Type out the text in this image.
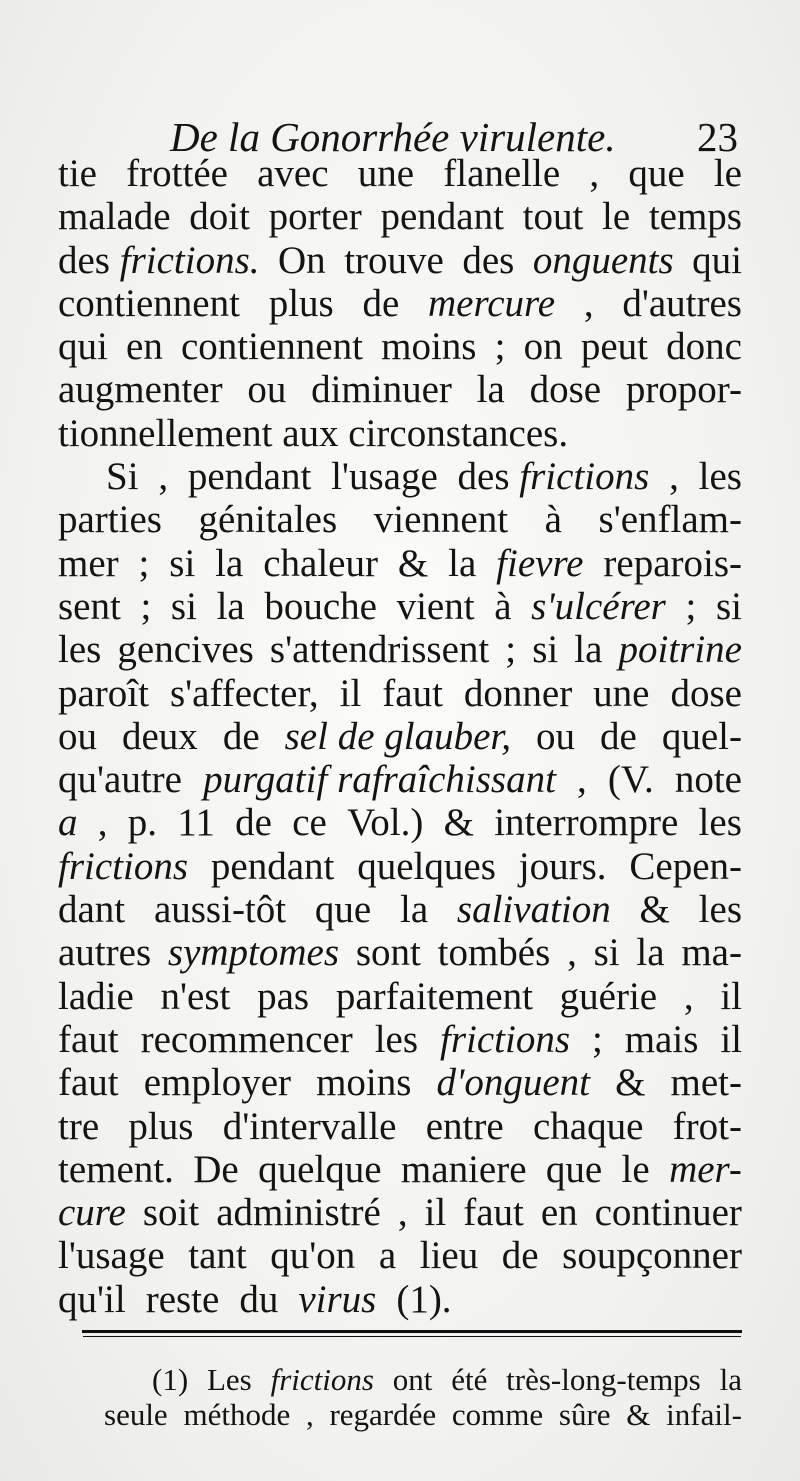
De la Gonorrhée virulente. 23
tie frottée avec une flanelle , que le
malade doit porter pendant tout le temps
des frictions. On trouve des onguents qui
contiennent plus de mercure , d'autres
qui en contiennent moins ; on peut donc
augmenter ou diminuer la dose propor-
tionnellement aux circonstances.
Si , pendant l'usage des frictions , les
parties génitales viennent à s'enflam-
mer ; si la chaleur & la fievre reparois-
sent ; si la bouche vient à s'ulcérer ; si
les gencives s'attendrissent ; si la poitrine
paroît s'affecter, il faut donner une dose
ou deux de sel de glauber, ou de quel-
qu'autre purgatif rafraîchissant , (V. note
a , p. 11 de ce Vol.) & interrompre les
frictions pendant quelques jours. Cepen-
dant aussi-tôt que la salivation & les
autres symptomes sont tombés , si la ma-
ladie n'est pas parfaitement guérie , il
faut recommencer les frictions ; mais il
faut employer moins d'onguent & met-
tre plus d'intervalle entre chaque frot-
tement. De quelque maniere que le mer-
cure soit administré , il faut en continuer
l'usage tant qu'on a lieu de soupçonner
qu'il reste du virus (1).
(1) Les frictions ont été très-long-temps la
seule méthode , regardée comme sûre & infail-
